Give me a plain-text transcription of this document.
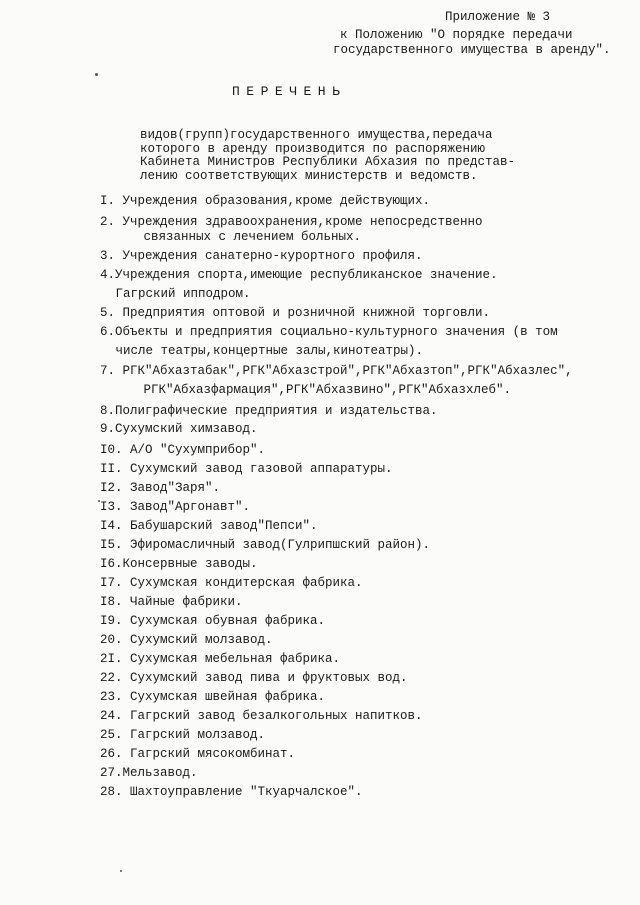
Приложение № 3
к Положению "О порядке передачи
государственного имущества в аренду".
ПЕРЕЧЕНЬ

видов(групп)государственного имущества,передача
которого в аренду производится по распоряжению
Кабинета Министров Республики Абхазия по представ-
лению соответствующих министерств и ведомств.
I. Учреждения образования,кроме действующих.
2. Учреждения здравоохранения,кроме непосредственно
связанных с лечением больных.
3. Учреждения санатерно-курортного профиля.
4.Учреждения спорта,имеющие республиканское значение.
Гагрский ипподром.
5. Предприятия оптовой и розничной книжной торговли.
6.Объекты и предприятия социально-культурного значения (в том
числе театры,концертные залы,кинотеатры).
7. РГК"Абхазтабак",РГК"Абхазстрой",РГК"Абхазтоп",РГК"Абхазлес",
РГК"Абхазфармация",РГК"Абхазвино",РГК"Абхазхлеб".
8.Полиграфические предприятия и издательства.
9.Сухумский химзавод.
I0. А/О "Сухумприбор".
II. Сухумский завод газовой аппаратуры.
I2. Завод"Заря".
I3. Завод"Аргонавт".
I4. Бабушарский завод"Пепси".
I5. Эфиромасличный завод(Гулрипшский район).
I6.Консервные заводы.
I7. Сухумская кондитерская фабрика.
I8. Чайные фабрики.
I9. Сухумская обувная фабрика.
20. Сухумский молзавод.
2I. Сухумская мебельная фабрика.
22. Сухумский завод пива и фруктовых вод.
23. Сухумская швейная фабрика.
24. Гагрский завод безалкогольных напитков.
25. Гагрский молзавод.
26. Гагрский мясокомбинат.
27.Мельзавод.
28. Шахтоуправление "Ткуарчалское".
